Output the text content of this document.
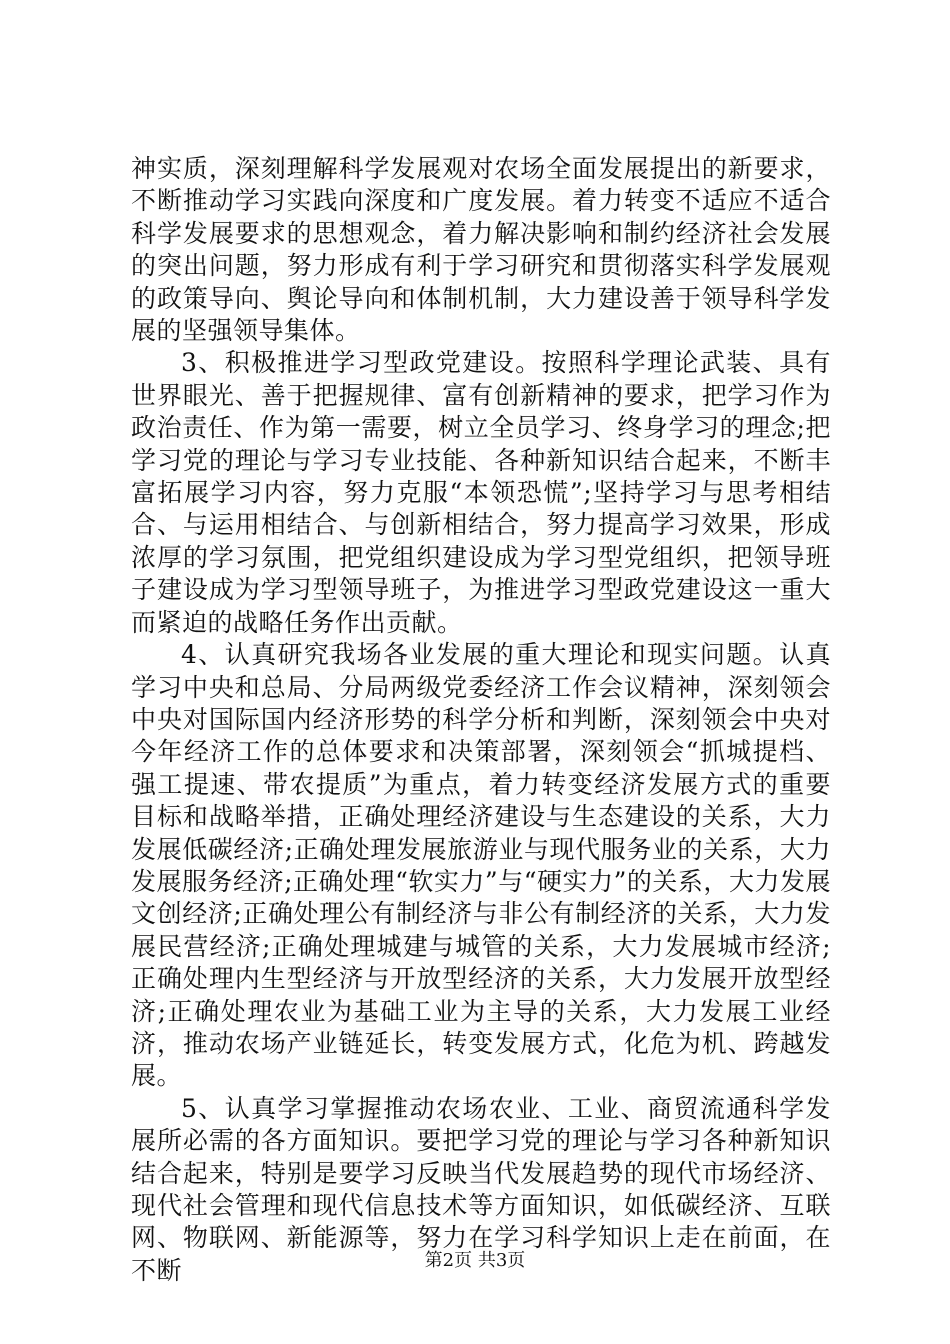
神实质，深刻理解科学发展观对农场全面发展提出的新要求，不断推动学习实践向深度和广度发展。着力转变不适应不适合科学发展要求的思想观念，着力解决影响和制约经济社会发展的突出问题，努力形成有利于学习研究和贯彻落实科学发展观的政策导向、舆论导向和体制机制，大力建设善于领导科学发展的坚强领导集体。

3、积极推进学习型政党建设。按照科学理论武装、具有世界眼光、善于把握规律、富有创新精神的要求，把学习作为政治责任、作为第一需要，树立全员学习、终身学习的理念;把学习党的理论与学习专业技能、各种新知识结合起来，不断丰富拓展学习内容，努力克服“本领恐慌”;坚持学习与思考相结合、与运用相结合、与创新相结合，努力提高学习效果，形成浓厚的学习氛围，把党组织建设成为学习型党组织，把领导班子建设成为学习型领导班子，为推进学习型政党建设这一重大而紧迫的战略任务作出贡献。

4、认真研究我场各业发展的重大理论和现实问题。认真学习中央和总局、分局两级党委经济工作会议精神，深刻领会中央对国际国内经济形势的科学分析和判断，深刻领会中央对今年经济工作的总体要求和决策部署，深刻领会“抓城提档、强工提速、带农提质”为重点，着力转变经济发展方式的重要目标和战略举措，正确处理经济建设与生态建设的关系，大力发展低碳经济;正确处理发展旅游业与现代服务业的关系，大力发展服务经济;正确处理“软实力”与“硬实力”的关系，大力发展文创经济;正确处理公有制经济与非公有制经济的关系，大力发展民营经济;正确处理城建与城管的关系，大力发展城市经济;正确处理内生型经济与开放型经济的关系，大力发展开放型经济;正确处理农业为基础工业为主导的关系，大力发展工业经济，推动农场产业链延长，转变发展方式，化危为机、跨越发展。

5、认真学习掌握推动农场农业、工业、商贸流通科学发展所必需的各方面知识。要把学习党的理论与学习各种新知识结合起来，特别是要学习反映当代发展趋势的现代市场经济、现代社会管理和现代信息技术等方面知识，如低碳经济、互联网、物联网、新能源等，努力在学习科学知识上走在前面，在不断	第2页 共3页
